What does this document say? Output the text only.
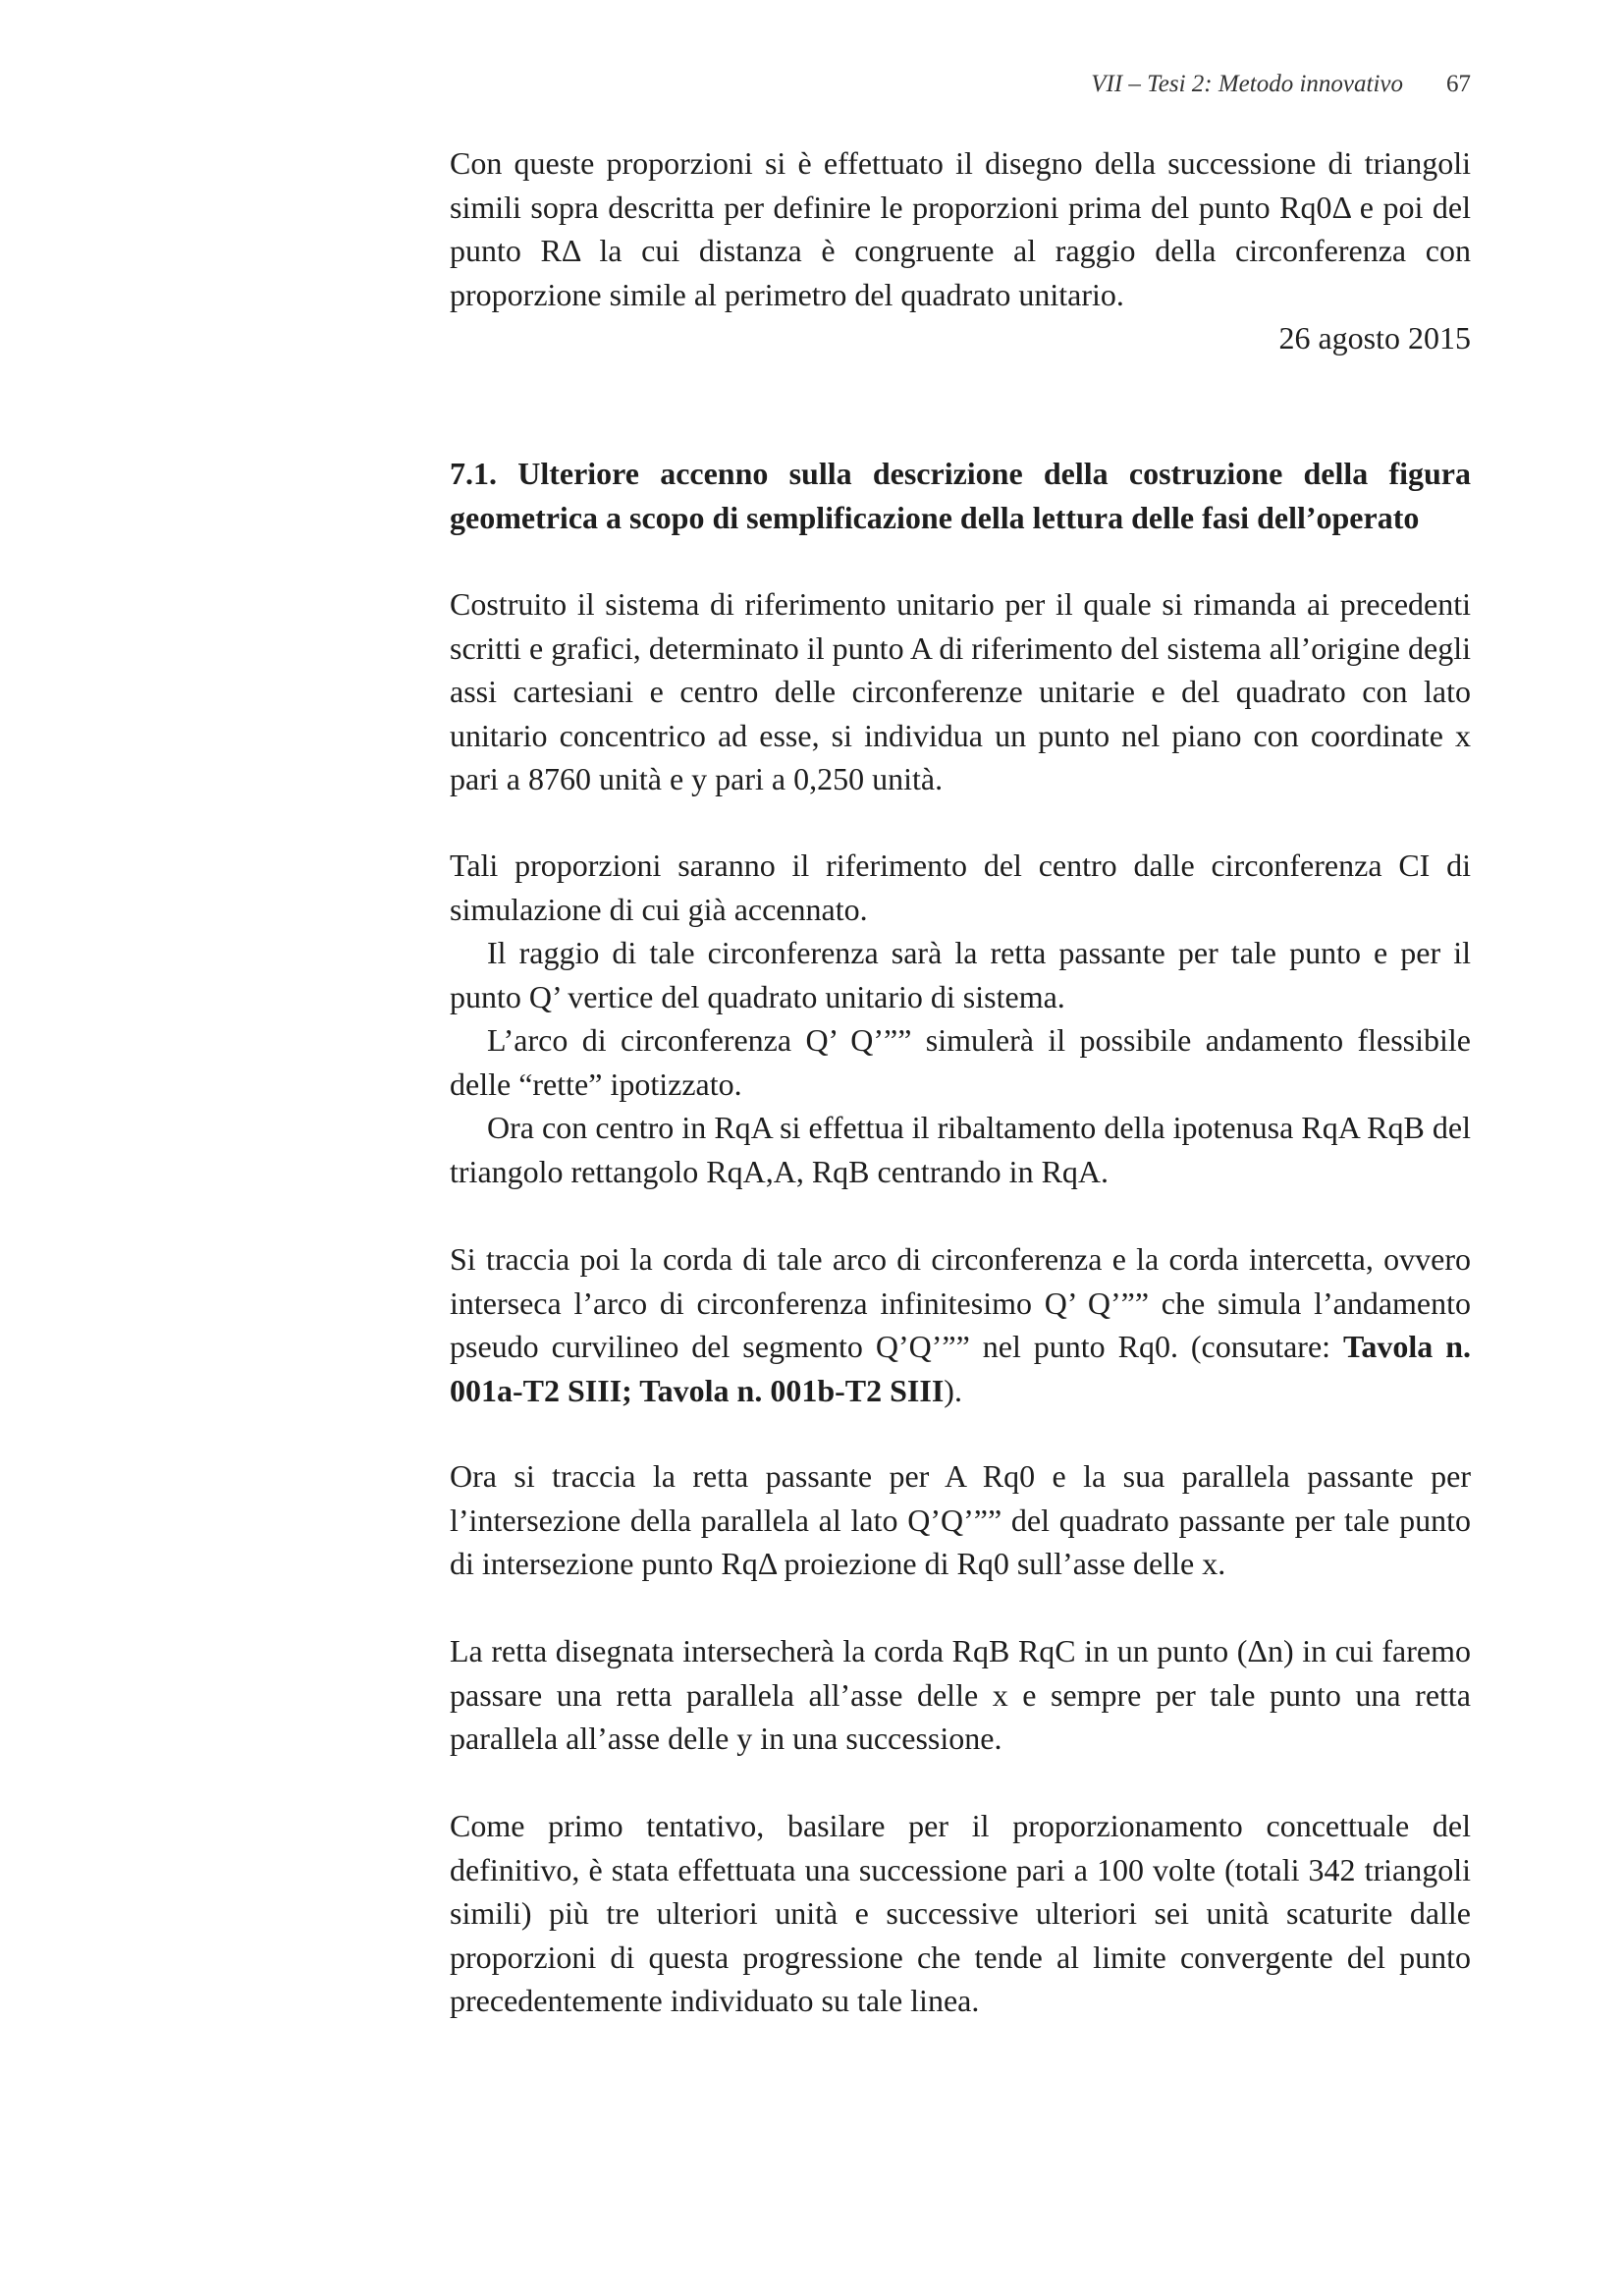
VII – Tesi 2: Metodo innovativo 67

Con queste proporzioni si è effettuato il disegno della successione di triangoli simili sopra descritta per definire le proporzioni prima del punto Rq0Δ e poi del punto RΔ la cui distanza è congruente al raggio della circonferenza con proporzione simile al perimetro del quadrato unitario.

26 agosto 2015

7.1. Ulteriore accenno sulla descrizione della costruzione della figura geometrica a scopo di semplificazione della lettura delle fasi dell’operato

Costruito il sistema di riferimento unitario per il quale si rimanda ai precedenti scritti e grafici, determinato il punto A di riferimento del sistema all’origine degli assi cartesiani e centro delle circonferenze unitarie e del quadrato con lato unitario concentrico ad esse, si individua un punto nel piano con coordinate x pari a 8760 unità e y pari a 0,250 unità.

Tali proporzioni saranno il riferimento del centro dalle circonferenza CI di simulazione di cui già accennato.

Il raggio di tale circonferenza sarà la retta passante per tale punto e per il punto Q’ vertice del quadrato unitario di sistema.

L’arco di circonferenza Q’ Q’”” simulerà il possibile andamento flessibile delle “rette” ipotizzato.

Ora con centro in RqA si effettua il ribaltamento della ipotenusa RqA RqB del triangolo rettangolo RqA,A, RqB centrando in RqA.

Si traccia poi la corda di tale arco di circonferenza e la corda intercetta, ovvero interseca l’arco di circonferenza infinitesimo Q’ Q’”” che simula l’andamento pseudo curvilineo del segmento Q’Q’”” nel punto Rq0. (consutare: Tavola n. 001a-T2 SIII; Tavola n. 001b-T2 SIII).

Ora si traccia la retta passante per A Rq0 e la sua parallela passante per l’intersezione della parallela al lato Q’Q’”” del quadrato passante per tale punto di intersezione punto RqΔ proiezione di Rq0 sull’asse delle x.

La retta disegnata intersecherà la corda RqB RqC in un punto (Δn) in cui faremo passare una retta parallela all’asse delle x e sempre per tale punto una retta parallela all’asse delle y in una successione.

Come primo tentativo, basilare per il proporzionamento concettuale del definitivo, è stata effettuata una successione pari a 100 volte (totali 342 triangoli simili) più tre ulteriori unità e successive ulteriori sei unità scaturite dalle proporzioni di questa progressione che tende al limite convergente del punto precedentemente individuato su tale linea.
